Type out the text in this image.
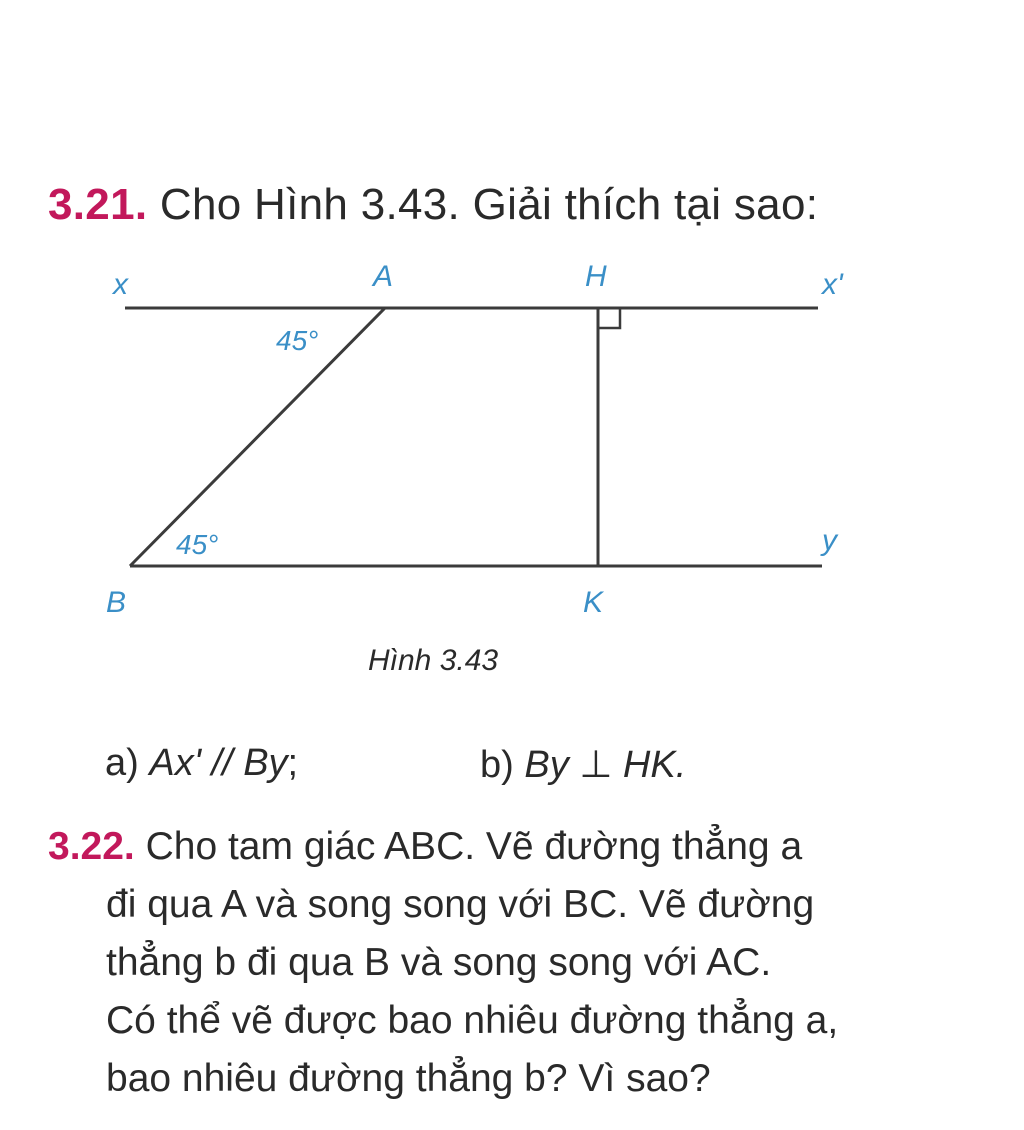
3.21. Cho Hình 3.43. Giải thích tại sao:
x	A	H	x'
y
B	K
45°
45°
Hình 3.43
a) Ax' // By;	b) By ⊥ HK.
3.22. Cho tam giác ABC. Vẽ đường thẳng a
đi qua A và song song với BC. Vẽ đường
thẳng b đi qua B và song song với AC.
Có thể vẽ được bao nhiêu đường thẳng a,
bao nhiêu đường thẳng b? Vì sao?
